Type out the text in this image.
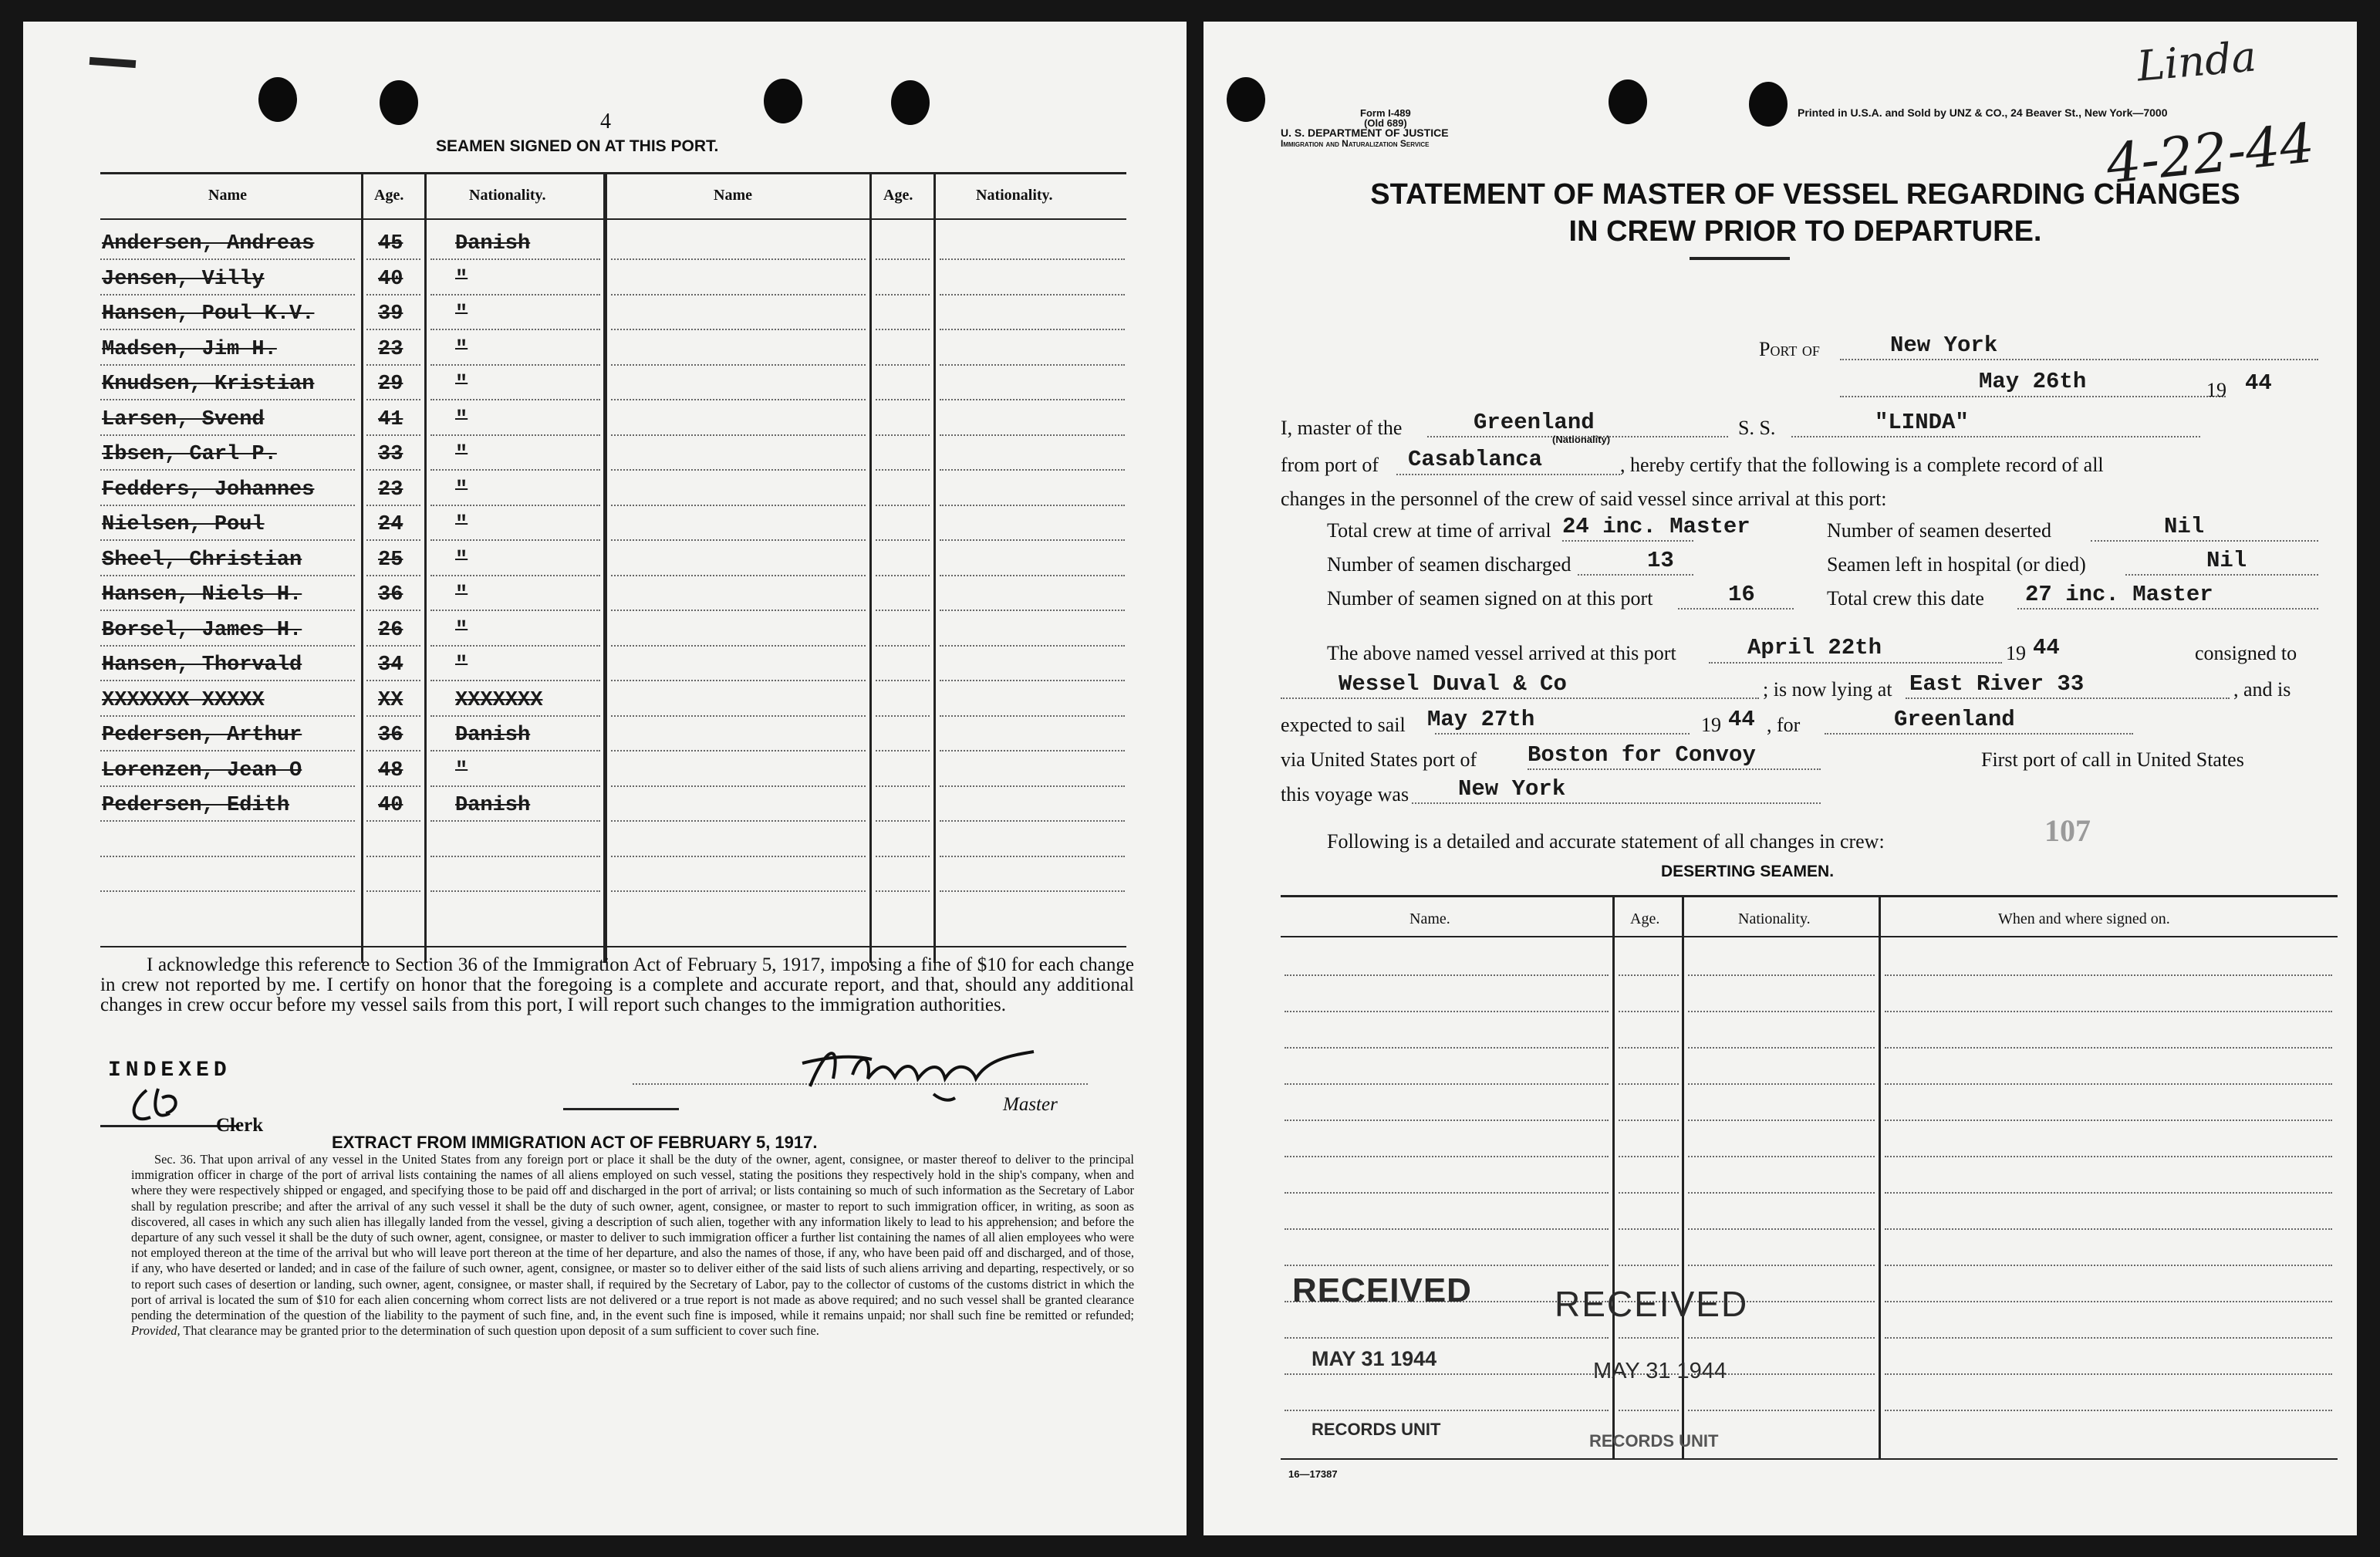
4
SEAMEN SIGNED ON AT THIS PORT.
Name	Age.	Nationality.	Name	Age.	Nationality.
Andersen, Andreas	45	Danish
Jensen, Villy	40	"
Hansen, Poul K.V.	39	"
Madsen, Jim H.	23	"
Knudsen, Kristian	29	"
Larsen, Svend	41	"
Ibsen, Carl P.	33	"
Fedders, Johannes	23	"
Nielsen, Poul	24	"
Sheel, Christian	25	"
Hansen, Niels H.	36	"
Borsel, James H.	26	"
Hansen, Thorvald	34	"
XXXXXXX XXXXX	XX	XXXXXXX
Pedersen, Arthur	36	Danish
Lorenzen, Jean O	48	"
Pedersen, Edith	40	Danish
I acknowledge this reference to Section 36 of the Immigration Act of February 5, 1917, imposing a fine of $10 for each change in crew not reported by me. I certify on honor that the foregoing is a complete and accurate report, and that, should any additional changes in crew occur before my vessel sails from this port, I will report such changes to the immigration authorities.
INDEXED
Clerk
Master
EXTRACT FROM IMMIGRATION ACT OF FEBRUARY 5, 1917.
Sec. 36. That upon arrival of any vessel in the United States from any foreign port or place it shall be the duty of the owner, agent, consignee, or master thereof to deliver to the principal immigration officer in charge of the port of arrival lists containing the names of all aliens employed on such vessel, stating the positions they respectively hold in the ship's company, when and where they were respectively shipped or engaged, and specifying those to be paid off and discharged in the port of arrival; or lists containing so much of such information as the Secretary of Labor shall by regulation prescribe; and after the arrival of any such vessel it shall be the duty of such owner, agent, consignee, or master to report to such immigration officer, in writing, as soon as discovered, all cases in which any such alien has illegally landed from the vessel, giving a description of such alien, together with any information likely to lead to his apprehension; and before the departure of any such vessel it shall be the duty of such owner, agent, consignee, or master to deliver to such immigration officer a further list containing the names of all alien employees who were not employed thereon at the time of the arrival but who will leave port thereon at the time of her departure, and also the names of those, if any, who have been paid off and discharged, and of those, if any, who have deserted or landed; and in case of the failure of such owner, agent, consignee, or master so to deliver either of the said lists of such aliens arriving and departing, respectively, or so to report such cases of desertion or landing, such owner, agent, consignee, or master shall, if required by the Secretary of Labor, pay to the collector of customs of the customs district in which the port of arrival is located the sum of $10 for each alien concerning whom correct lists are not delivered or a true report is not made as above required; and no such vessel shall be granted clearance pending the determination of the question of the liability to the payment of such fine, and, in the event such fine is imposed, while it remains unpaid; nor shall such fine be remitted or refunded; Provided, That clearance may be granted prior to the determination of such question upon deposit of a sum sufficient to cover such fine.
Form I-489
(Old 689)
U. S. DEPARTMENT OF JUSTICE
Immigration and Naturalization Service
Printed in U.S.A. and Sold by UNZ & CO., 24 Beaver St., New York—7000
Linda
4-22-44
STATEMENT OF MASTER OF VESSEL REGARDING CHANGES
IN CREW PRIOR TO DEPARTURE.
Port of	New York
May 26th	19 44
I, master of the	Greenland
(Nationality)
S. S.	"LINDA"
from port of Casablanca	, hereby certify that the following is a complete record of all
changes in the personnel of the crew of said vessel since arrival at this port:
Total crew at time of arrival 24 inc. Master	Number of seamen deserted	Nil
Number of seamen discharged	13	Seamen left in hospital (or died)	Nil
Number of seamen signed on at this port	16	Total crew this date 27 inc. Master
The above named vessel arrived at this port	April 22th	19 44	consigned to
Wessel Duval & Co	; is now lying at East River 33	, and is
expected to sail May 27th	19 44 , for	Greenland
via United States port of Boston for Convoy	First port of call in United States
this voyage was New York
Following is a detailed and accurate statement of all changes in crew:	107
DESERTING SEAMEN.
Name.	Age.	Nationality.	When and where signed on.
RECEIVED
MAY 31 1944
RECORDS UNIT
RECEIVED
MAY 31 1944
RECORDS UNIT
16—17387
